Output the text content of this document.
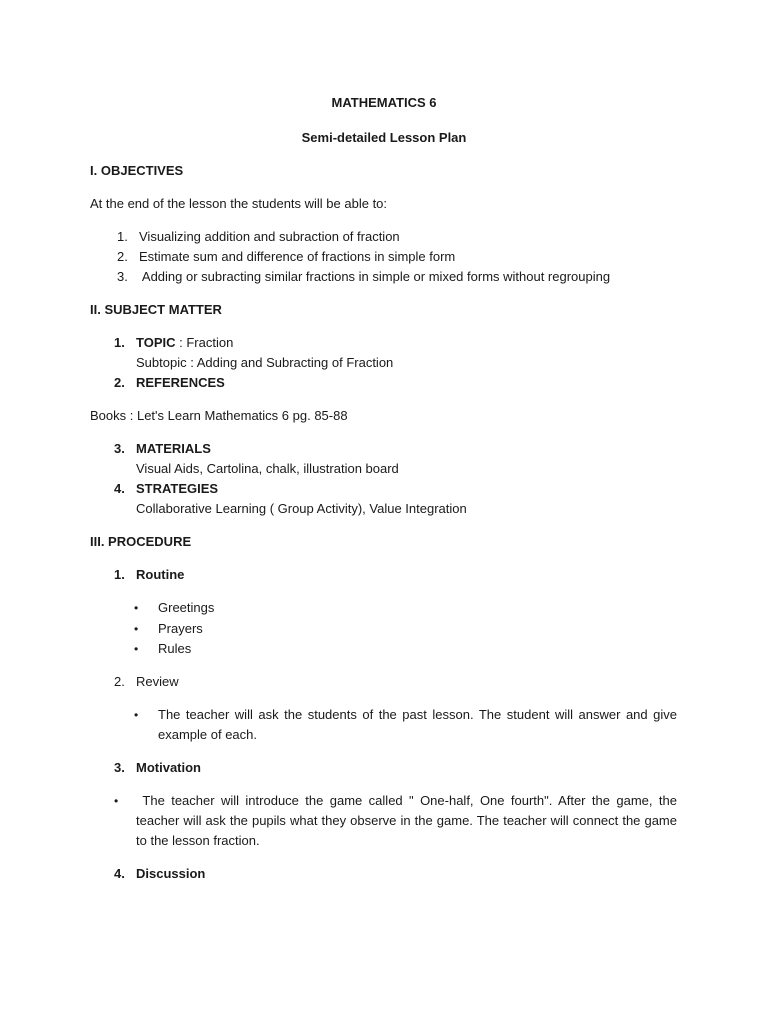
MATHEMATICS 6
Semi-detailed Lesson Plan
I. OBJECTIVES
At the end of the lesson the students will be able to:
1. Visualizing addition and subraction of fraction
2. Estimate sum and difference of fractions in simple form
3. Adding or subracting similar fractions in simple or mixed forms without regrouping
II. SUBJECT MATTER
1. TOPIC : Fraction
Subtopic : Adding and Subracting of Fraction
2. REFERENCES
Books : Let's Learn Mathematics 6 pg. 85-88
3. MATERIALS
Visual Aids, Cartolina, chalk, illustration board
4. STRATEGIES
Collaborative Learning ( Group Activity), Value Integration
III. PROCEDURE
1. Routine
• Greetings
• Prayers
• Rules
2. Review
• The teacher will ask the students of the past lesson. The student will answer and give example of each.
3. Motivation
• The teacher will introduce the game called " One-half, One fourth". After the game, the teacher will ask the pupils what they observe in the game. The teacher will connect the game to the lesson fraction.
4. Discussion
